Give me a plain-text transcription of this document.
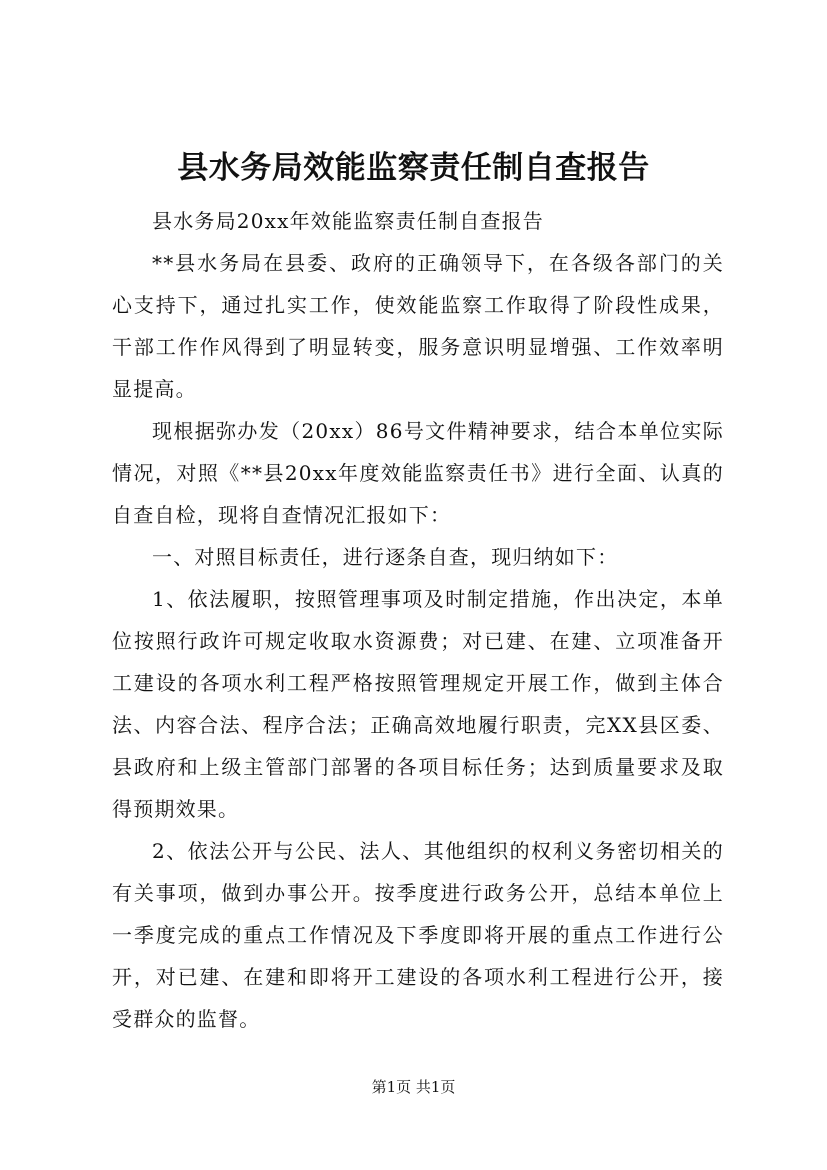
县水务局效能监察责任制自查报告

县水务局20xx年效能监察责任制自查报告

**县水务局在县委、政府的正确领导下，在各级各部门的关心支持下，通过扎实工作，使效能监察工作取得了阶段性成果，干部工作作风得到了明显转变，服务意识明显增强、工作效率明显提高。

现根据弥办发（20xx）86号文件精神要求，结合本单位实际情况，对照《**县20xx年度效能监察责任书》进行全面、认真的自查自检，现将自查情况汇报如下：

一、对照目标责任，进行逐条自查，现归纳如下：

1、依法履职，按照管理事项及时制定措施，作出决定，本单位按照行政许可规定收取水资源费；对已建、在建、立项准备开工建设的各项水利工程严格按照管理规定开展工作，做到主体合法、内容合法、程序合法；正确高效地履行职责，完XX县区委、县政府和上级主管部门部署的各项目标任务；达到质量要求及取得预期效果。

2、依法公开与公民、法人、其他组织的权利义务密切相关的有关事项，做到办事公开。按季度进行政务公开，总结本单位上一季度完成的重点工作情况及下季度即将开展的重点工作进行公开，对已建、在建和即将开工建设的各项水利工程进行公开，接受群众的监督。

第1页 共1页
